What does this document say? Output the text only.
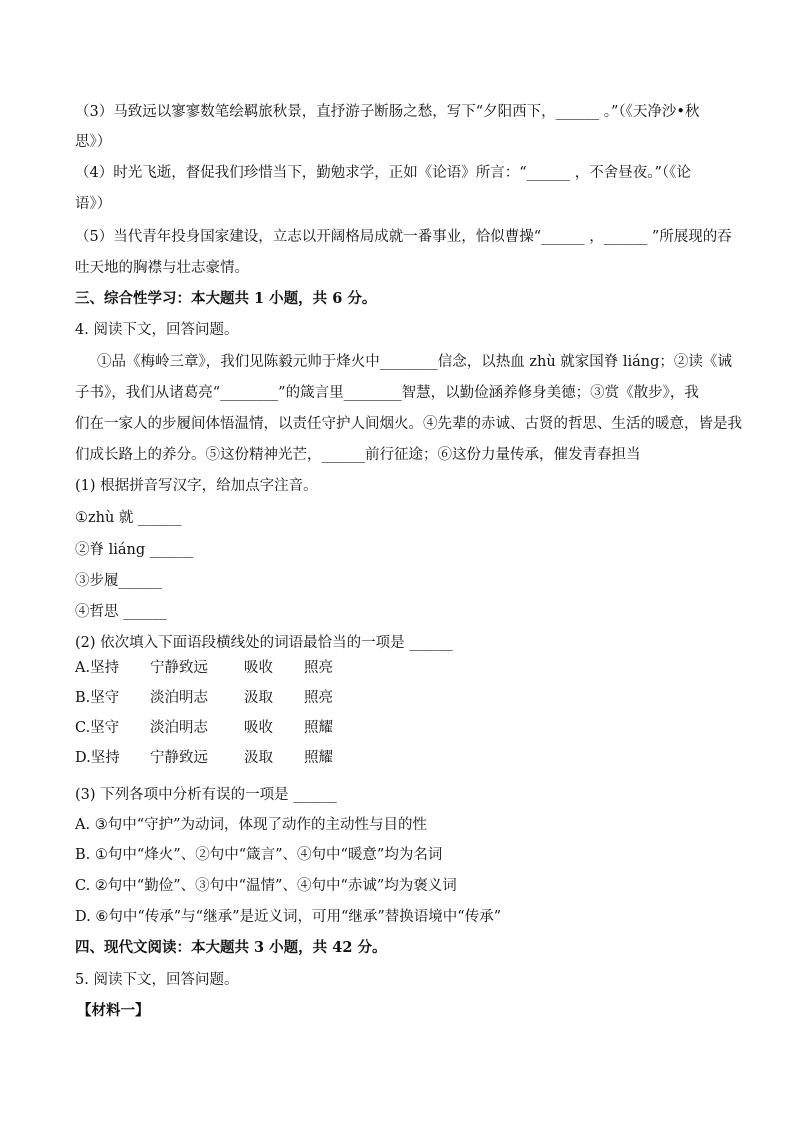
（3）马致远以寥寥数笔绘羁旅秋景，直抒游子断肠之愁，写下“夕阳西下，______ 。”（《天净沙•秋
思》）
（4）时光飞逝，督促我们珍惜当下，勤勉求学，正如《论语》所言：“______ ，不舍昼夜。”（《论
语》）
（5）当代青年投身国家建设，立志以开阔格局成就一番事业，恰似曹操“______ ，______ ”所展现的吞
吐天地的胸襟与壮志豪情。
三、综合性学习：本大题共 1 小题，共 6 分。
4. 阅读下文，回答问题。
①品《梅岭三章》，我们见陈毅元帅于烽火中________信念，以热血 zhù 就家国脊 liáng；②读《诫
子书》，我们从诸葛亮“________”的箴言里________智慧，以勤俭涵养修身美德；③赏《散步》，我
们在一家人的步履间体悟温情，以责任守护人间烟火。④先辈的赤诚、古贤的哲思、生活的暖意，皆是我
们成长路上的养分。⑤这份精神光芒，______前行征途；⑥这份力量传承，催发青春担当
(1) 根据拼音写汉字，给加点字注音。
①zhù 就 ______
②脊 liáng ______
③步履______
④哲思 ______
(2) 依次填入下面语段横线处的词语最恰当的一项是 ______
A.坚持 宁静致远 吸收 照亮
B.坚守 淡泊明志 汲取 照亮
C.坚守 淡泊明志 吸收 照耀
D.坚持 宁静致远 汲取 照耀
(3) 下列各项中分析有误的一项是 ______
A. ③句中“守护”为动词，体现了动作的主动性与目的性
B. ①句中“烽火”、②句中“箴言”、④句中“暖意”均为名词
C. ②句中“勤俭”、③句中“温情”、④句中“赤诚”均为褒义词
D. ⑥句中“传承”与“继承”是近义词，可用“继承”替换语境中“传承”
四、现代文阅读：本大题共 3 小题，共 42 分。
5. 阅读下文，回答问题。
【材料一】
